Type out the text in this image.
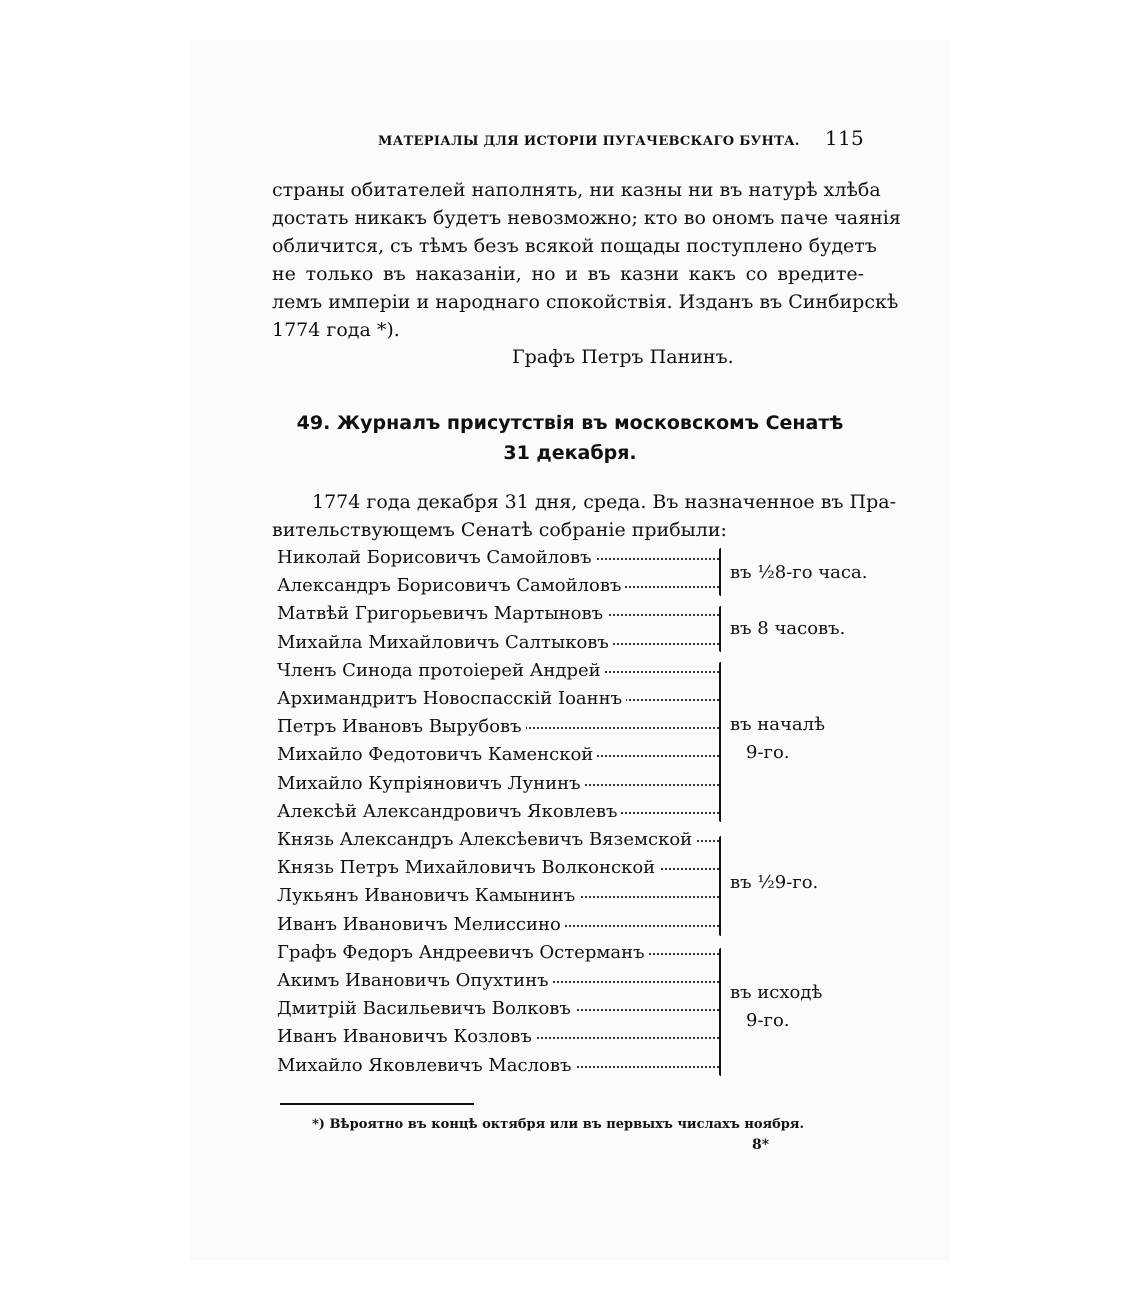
МАТЕРІАЛЫ ДЛЯ ИСТОРІИ ПУГАЧЕВСКАГО БУНТА. 115
страны обитателей наполнять, ни казны ни въ натурѣ хлѣба
достать никакъ будетъ невозможно; кто во ономъ паче чаянія
обличится, съ тѣмъ безъ всякой пощады поступлено будетъ
не только въ наказаніи, но и въ казни какъ со вредите-
лемъ имперіи и народнаго спокойствія. Изданъ въ Синбирскѣ
1774 года *).
Графъ Петръ Панинъ.
49. Журналъ присутствія въ московскомъ Сенатѣ
31 декабря.
1774 года декабря 31 дня, среда. Въ назначенное въ Пра-
вительствующемъ Сенатѣ собраніе прибыли:
Николай Борисовичъ Самойловъ
Александръ Борисовичъ Самойловъ
Матвѣй Григорьевичъ Мартыновъ
Михайла Михайловичъ Салтыковъ
Членъ Синода протоіерей Андрей
Архимандритъ Новоспасскій Іоаннъ
Петръ Ивановъ Вырубовъ
Михайло Федотовичъ Каменской
Михайло Купріяновичъ Лунинъ
Алексѣй Александровичъ Яковлевъ
Князь Александръ Алексѣевичъ Вяземской
Князь Петръ Михайловичъ Волконской
Лукьянъ Ивановичъ Камынинъ
Иванъ Ивановичъ Мелиссино
Графъ Федоръ Андреевичъ Остерманъ
Акимъ Ивановичъ Опухтинъ
Дмитрій Васильевичъ Волковъ
Иванъ Ивановичъ Козловъ
Михайло Яковлевичъ Масловъ
въ ½8-го часа.
въ 8 часовъ.
въ началѣ
9-го.
въ ½9-го.
въ исходѣ
9-го.
*) Вѣроятно въ концѣ октября или въ первыхъ числахъ ноября.
8*
